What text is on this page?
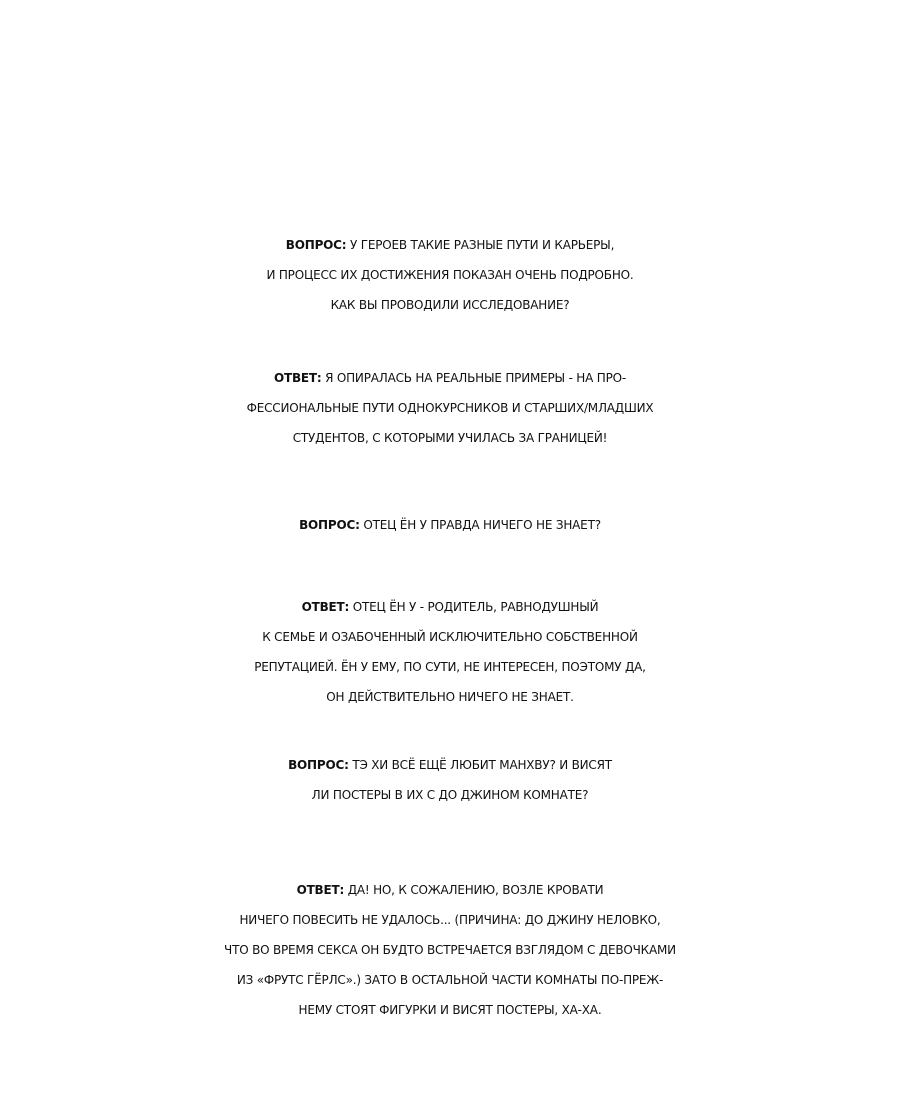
ВОПРОС: У ГЕРОЕВ ТАКИЕ РАЗНЫЕ ПУТИ И КАРЬЕРЫ,
И ПРОЦЕСС ИХ ДОСТИЖЕНИЯ ПОКАЗАН ОЧЕНЬ ПОДРОБНО.
КАК ВЫ ПРОВОДИЛИ ИССЛЕДОВАНИЕ?
ОТВЕТ: Я ОПИРАЛАСЬ НА РЕАЛЬНЫЕ ПРИМЕРЫ - НА ПРО-
ФЕССИОНАЛЬНЫЕ ПУТИ ОДНОКУРСНИКОВ И СТАРШИХ/МЛАДШИХ
СТУДЕНТОВ, С КОТОРЫМИ УЧИЛАСЬ ЗА ГРАНИЦЕЙ!
ВОПРОС: ОТЕЦ ЁН У ПРАВДА НИЧЕГО НЕ ЗНАЕТ?
ОТВЕТ: ОТЕЦ ЁН У - РОДИТЕЛЬ, РАВНОДУШНЫЙ
К СЕМЬЕ И ОЗАБОЧЕННЫЙ ИСКЛЮЧИТЕЛЬНО СОБСТВЕННОЙ
РЕПУТАЦИЕЙ. ЁН У ЕМУ, ПО СУТИ, НЕ ИНТЕРЕСЕН, ПОЭТОМУ ДА,
ОН ДЕЙСТВИТЕЛЬНО НИЧЕГО НЕ ЗНАЕТ.
ВОПРОС: ТЭ ХИ ВСЁ ЕЩЁ ЛЮБИТ МАНХВУ? И ВИСЯТ
ЛИ ПОСТЕРЫ В ИХ С ДО ДЖИНОМ КОМНАТЕ?
ОТВЕТ: ДА! НО, К СОЖАЛЕНИЮ, ВОЗЛЕ КРОВАТИ
НИЧЕГО ПОВЕСИТЬ НЕ УДАЛОСЬ... (ПРИЧИНА: ДО ДЖИНУ НЕЛОВКО,
ЧТО ВО ВРЕМЯ СЕКСА ОН БУДТО ВСТРЕЧАЕТСЯ ВЗГЛЯДОМ С ДЕВОЧКАМИ
ИЗ «ФРУТС ГЁРЛС».) ЗАТО В ОСТАЛЬНОЙ ЧАСТИ КОМНАТЫ ПО-ПРЕЖ-
НЕМУ СТОЯТ ФИГУРКИ И ВИСЯТ ПОСТЕРЫ, ХА-ХА.
